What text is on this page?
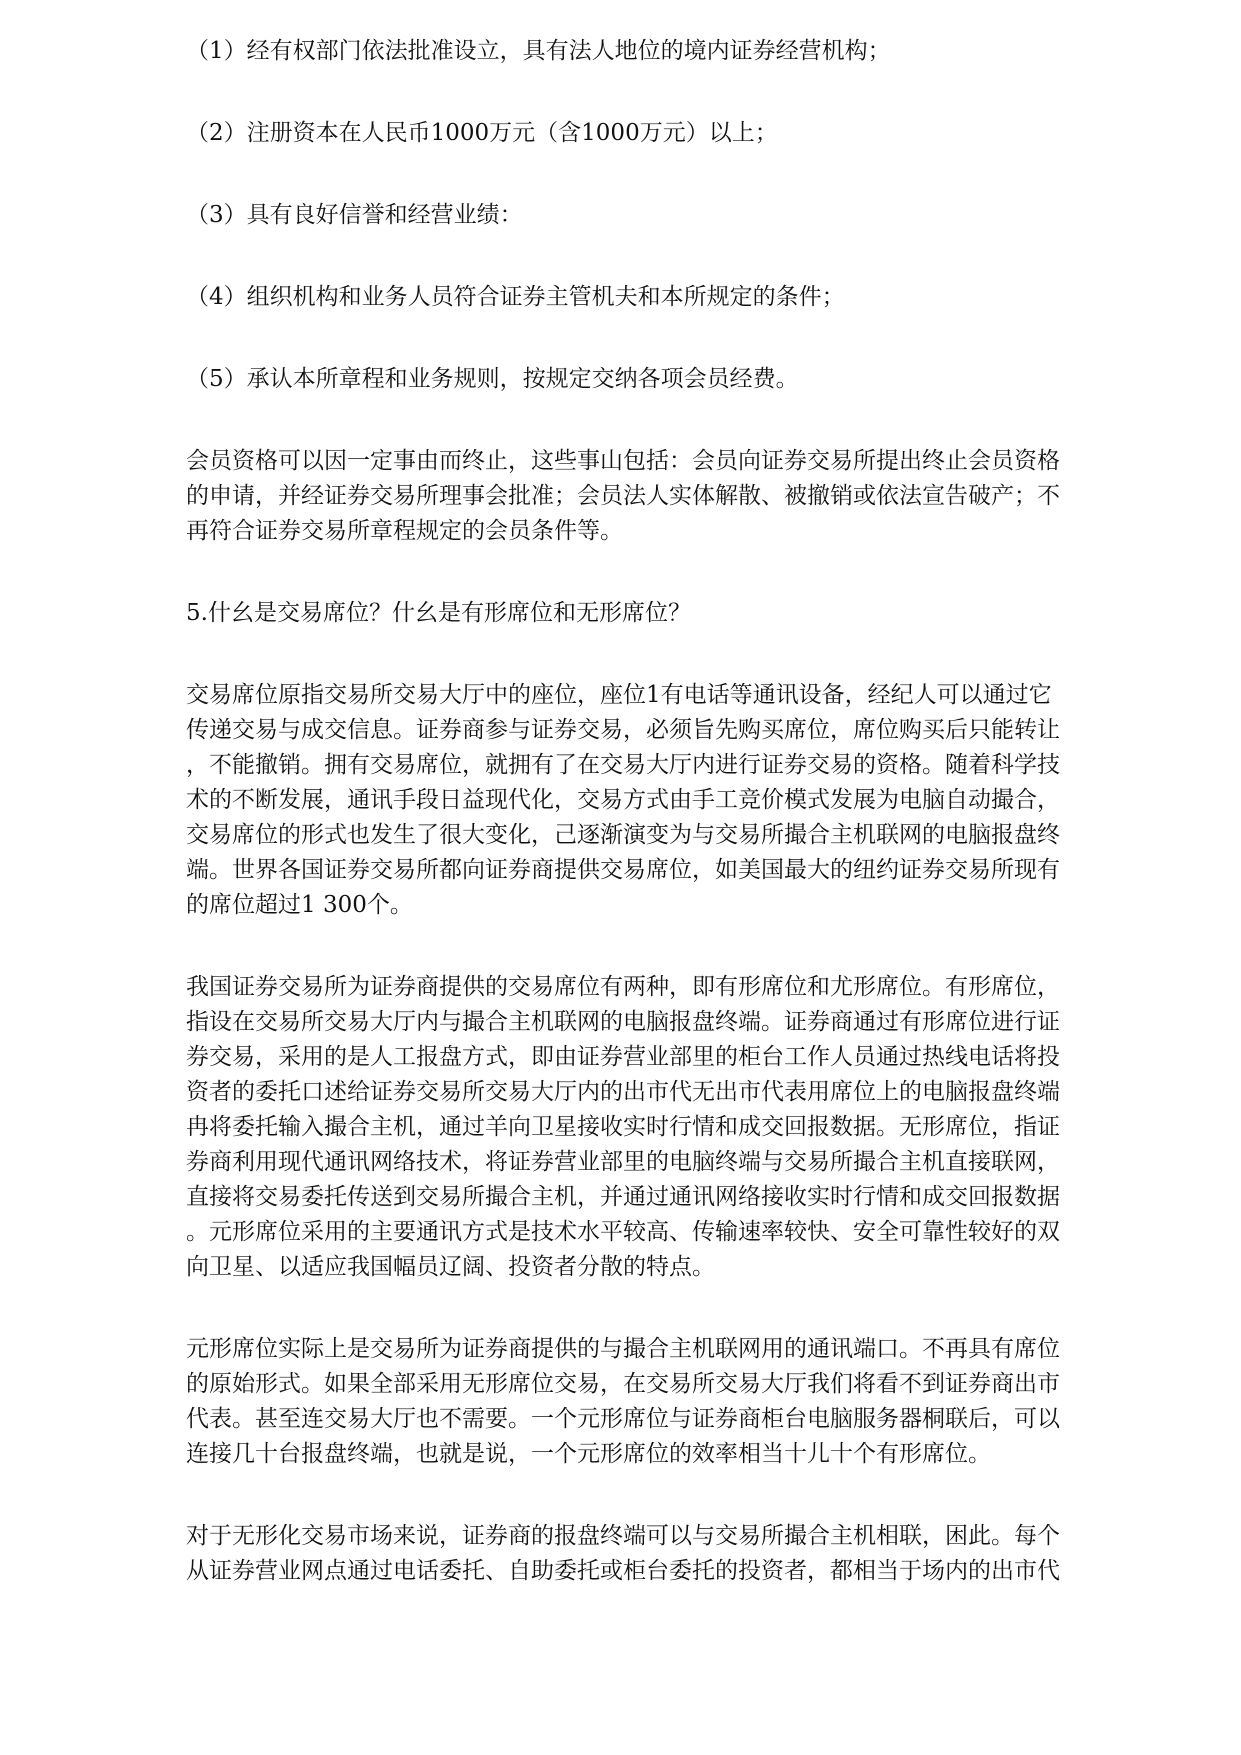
（1）经有权部门依法批准设立，具有法人地位的境内证券经营机构；
（2）注册资本在人民币1000万元（含1000万元）以上；
（3）具有良好信誉和经营业绩：
（4）组织机构和业务人员符合证券主管机夫和本所规定的条件；
（5）承认本所章程和业务规则，按规定交纳各项会员经费。
会员资格可以因一定事由而终止，这些事山包括：会员向证券交易所提出终止会员资格
的申请，并经证券交易所理事会批准；会员法人实体解散、被撤销或依法宣告破产；不
再符合证券交易所章程规定的会员条件等。
5.什幺是交易席位？什幺是有形席位和无形席位？
交易席位原指交易所交易大厅中的座位，座位1有电话等通讯设备，经纪人可以通过它
传递交易与成交信息。证券商参与证券交易，必须旨先购买席位，席位购买后只能转让
，不能撤销。拥有交易席位，就拥有了在交易大厅内进行证券交易的资格。随着科学技
术的不断发展，通讯手段日益现代化，交易方式由手工竞价模式发展为电脑自动撮合，
交易席位的形式也发生了很大变化，己逐渐演变为与交易所撮合主机联网的电脑报盘终
端。世界各国证券交易所都向证券商提供交易席位，如美国最大的纽约证券交易所现有
的席位超过1 300个。
我国证券交易所为证券商提供的交易席位有两种，即有形席位和尤形席位。有形席位，
指设在交易所交易大厅内与撮合主机联网的电脑报盘终端。证券商通过有形席位进行证
券交易，采用的是人工报盘方式，即由证券营业部里的柜台工作人员通过热线电话将投
资者的委托口述给证券交易所交易大厅内的出市代无出市代表用席位上的电脑报盘终端
冉将委托输入撮合主机，通过羊向卫星接收实时行情和成交回报数据。无形席位，指证
券商利用现代通讯网络技术，将证券营业部里的电脑终端与交易所撮合主机直接联网，
直接将交易委托传送到交易所撮合主机，并通过通讯网络接收实时行情和成交回报数据
。元形席位采用的主要通讯方式是技术水平较高、传输速率较快、安全可靠性较好的双
向卫星、以适应我国幅员辽阔、投资者分散的特点。
元形席位实际上是交易所为证券商提供的与撮合主机联网用的通讯端口。不再具有席位
的原始形式。如果全部采用无形席位交易，在交易所交易大厅我们将看不到证券商出市
代表。甚至连交易大厅也不需要。一个元形席位与证券商柜台电脑服务器桐联后，可以
连接几十台报盘终端，也就是说，一个元形席位的效率相当十儿十个有形席位。
对于无形化交易市场来说，证券商的报盘终端可以与交易所撮合主机相联，困此。每个
从证券营业网点通过电话委托、自助委托或柜台委托的投资者，都相当于场内的出市代
